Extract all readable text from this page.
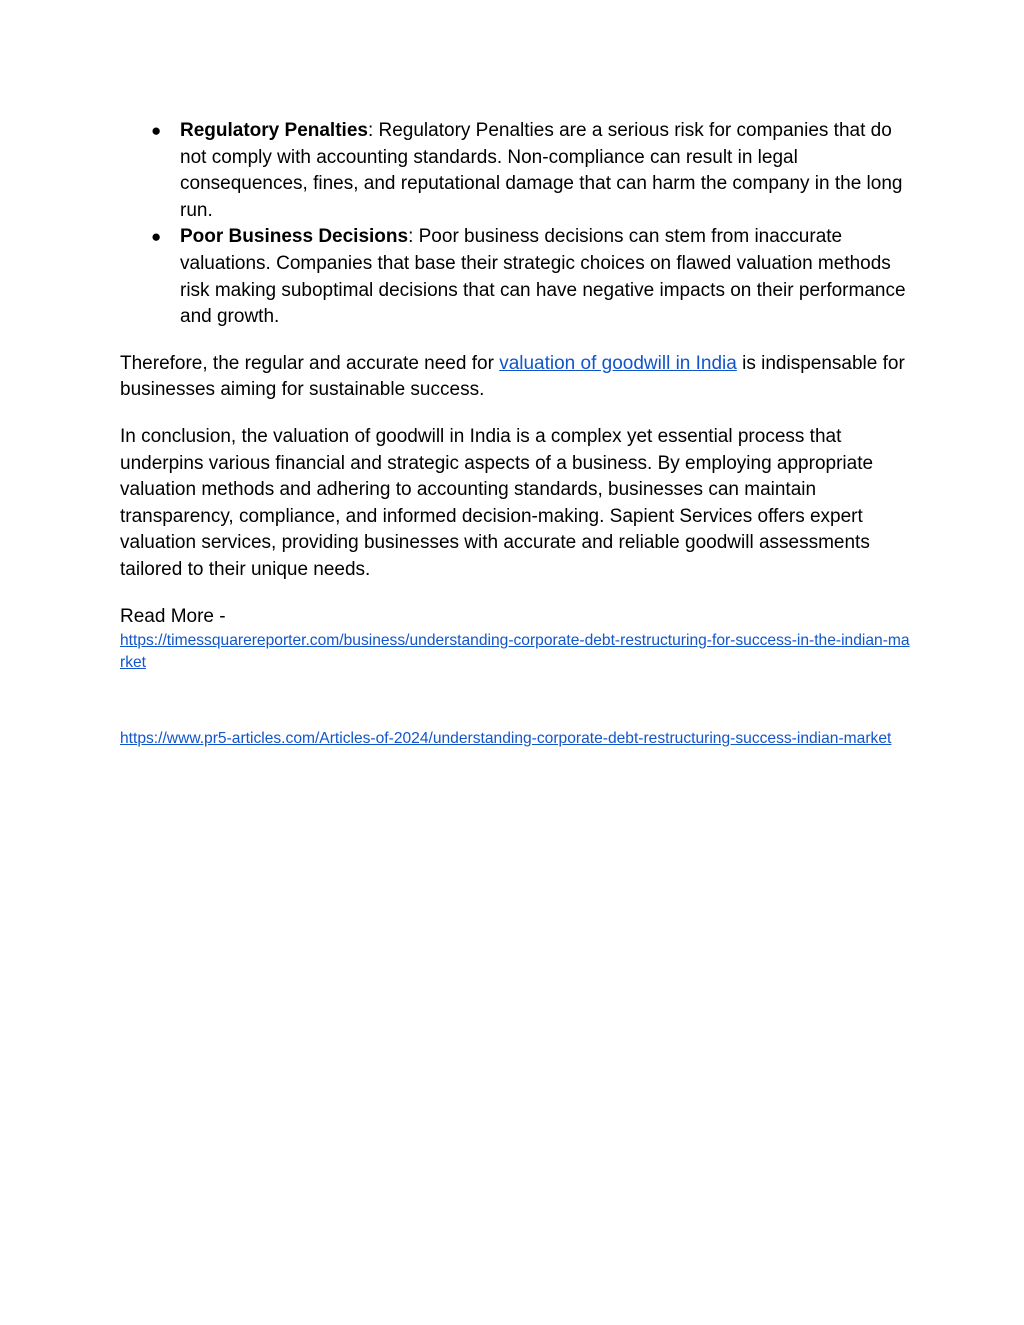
● Regulatory Penalties: Regulatory Penalties are a serious risk for companies that do not comply with accounting standards. Non-compliance can result in legal consequences, fines, and reputational damage that can harm the company in the long run.
● Poor Business Decisions: Poor business decisions can stem from inaccurate valuations. Companies that base their strategic choices on flawed valuation methods risk making suboptimal decisions that can have negative impacts on their performance and growth.

Therefore, the regular and accurate need for valuation of goodwill in India is indispensable for businesses aiming for sustainable success.

In conclusion, the valuation of goodwill in India is a complex yet essential process that underpins various financial and strategic aspects of a business. By employing appropriate valuation methods and adhering to accounting standards, businesses can maintain transparency, compliance, and informed decision-making. Sapient Services offers expert valuation services, providing businesses with accurate and reliable goodwill assessments tailored to their unique needs.

Read More -
https://timessquarereporter.com/business/understanding-corporate-debt-restructuring-for-success-in-the-indian-market
https://www.pr5-articles.com/Articles-of-2024/understanding-corporate-debt-restructuring-success-indian-market
